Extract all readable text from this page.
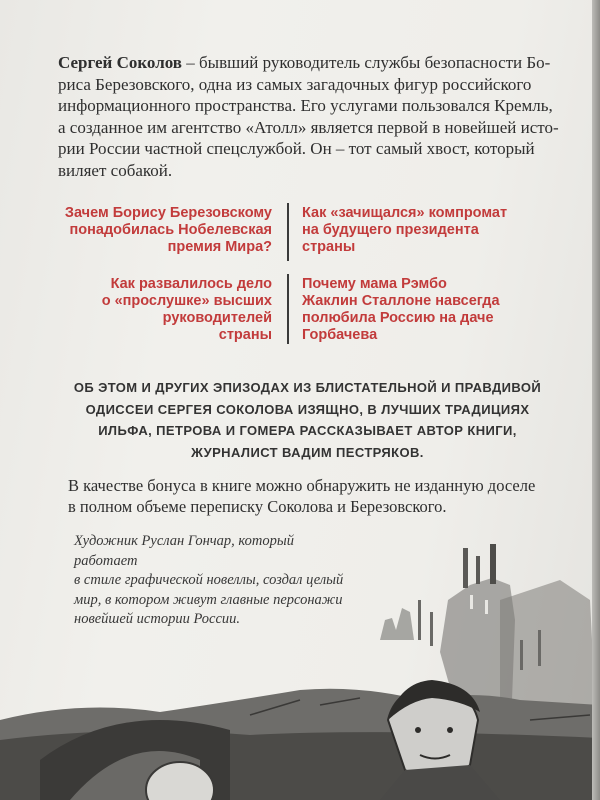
Сергей Соколов – бывший руководитель службы безопасности Бо-
риса Березовского, одна из самых загадочных фигур российского
информационного пространства. Его услугами пользовался Кремль,
а созданное им агентство «Атолл» является первой в новейшей исто-
рии России частной спецслужбой. Он – тот самый хвост, который
виляет собакой.
Зачем Борису Березовскому
понадобилась Нобелевская
премия Мира?
Как «зачищался» компромат
на будущего президента
страны
Как развалилось дело
о «прослушке» высших
руководителей
страны
Почему мама Рэмбо
Жаклин Сталлоне навсегда
полюбила Россию на даче
Горбачева
ОБ ЭТОМ И ДРУГИХ ЭПИЗОДАХ ИЗ БЛИСТАТЕЛЬНОЙ И ПРАВДИВОЙ
ОДИССЕИ СЕРГЕЯ СОКОЛОВА ИЗЯЩНО, В ЛУЧШИХ ТРАДИЦИЯХ
ИЛЬФА, ПЕТРОВА И ГОМЕРА РАССКАЗЫВАЕТ АВТОР КНИГИ,
ЖУРНАЛИСТ ВАДИМ ПЕСТРЯКОВ.
В качестве бонуса в книге можно обнаружить не изданную доселе
в полном объеме переписку Соколова и Березовского.
Художник Руслан Гончар, который работает
в стиле графической новеллы, создал целый
мир, в котором живут главные персонажи
новейшей истории России.
